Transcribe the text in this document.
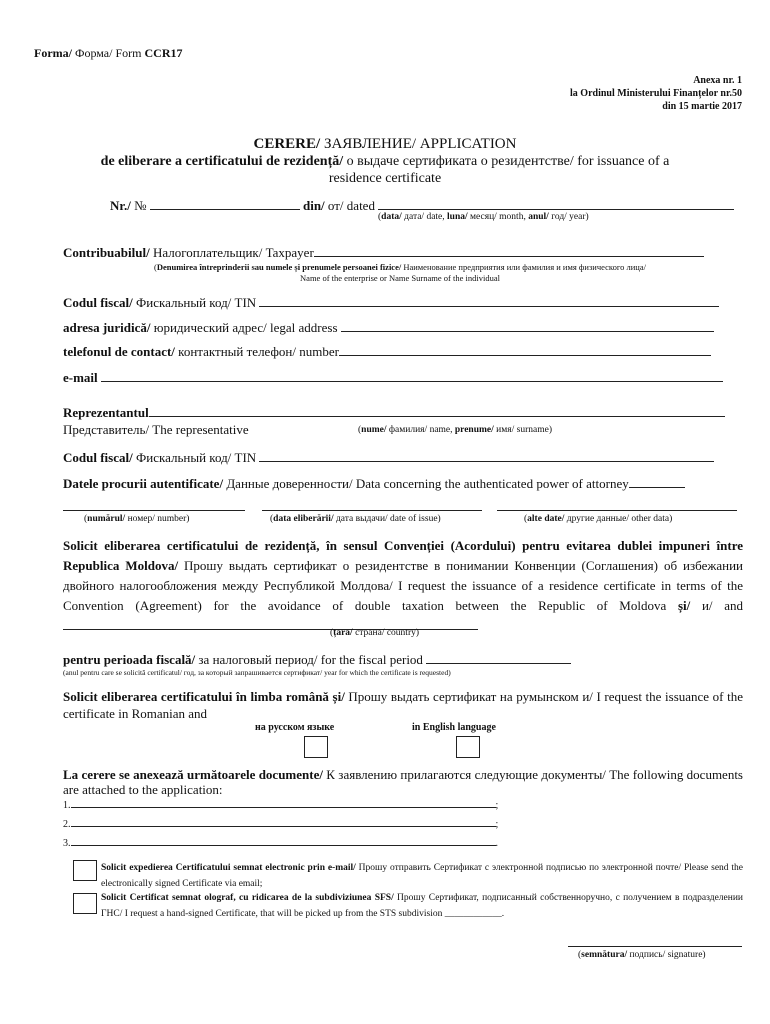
Forma/ Форма/ Form CCR17
Anexa nr. 1
la Ordinul Ministerului Finanțelor nr.50
din 15 martie 2017
CERERE/ ЗАЯВЛЕНИЕ/ APPLICATION
de eliberare a certificatului de rezidență/ о выдаче сертификата о резидентстве/ for issuance of a
residence certificate
Nr./ №	din/ от/ dated
(data/ дата/ date, luna/ месяц/ month, anul/ год/ year)
Contribuabilul/ Налогоплательщик/ Taxpayer
(Denumirea întreprinderii sau numele și prenumele persoanei fizice/ Наименование предприятия или фамилия и имя физического лица/
Name of the enterprise or Name Surname of the individual
Codul fiscal/ Фискальный код/ TIN
adresa juridică/ юридический адрес/ legal address
telefonul de contact/ контактный телефон/ number
e-mail
Reprezentantul
Представитель/ The representative	(nume/ фамилия/ name, prenume/ имя/ surname)
Codul fiscal/ Фискальный код/ TIN
Datele procurii autentificate/ Данные доверенности/ Data concerning the authenticated power of attorney
(numărul/ номер/ number)	(data eliberării/ дата выдачи/ date of issue)	(alte date/ другие данные/ other data)
Solicit eliberarea certificatului de rezidență, în sensul Convenției (Acordului) pentru evitarea dublei impuneri între Republica Moldova/ Прошу выдать сертификат о резидентстве в понимании Конвенции (Соглашения) об избежании двойного налогообложения между Республикой Молдова/ I request the issuance of a residence certificate in terms of the Convention (Agreement) for the avoidance of double taxation between the Republic of Moldova și/ и/ and
(țara/ страна/ country)
pentru perioada fiscală/ за налоговый период/ for the fiscal period
(anul pentru care se solicită certificatul/ год, за который запрашивается сертификат/ year for which the certificate is requested)
Solicit eliberarea certificatului în limba română și/ Прошу выдать сертификат на румынском и/ I request the issuance of the certificate in Romanian and
на русском языке	in English language
La cerere se anexează următoarele documente/ К заявлению прилагаются следующие документы/ The following documents are attached to the application:
1.	;
2.	;
3.	.
Solicit expedierea Certificatului semnat electronic prin e-mail/ Прошу отправить Сертификат с электронной подписью по электронной почте/ Please send the electronically signed Certificate via email;
Solicit Certificat semnat olograf, cu ridicarea de la subdiviziunea SFS/ Прошу Сертификат, подписанный собственноручно, с получением в подразделении ГНС/ I request a hand-signed Certificate, that will be picked up from the STS subdivision ____________.
(semnătura/ подпись/ signature)
